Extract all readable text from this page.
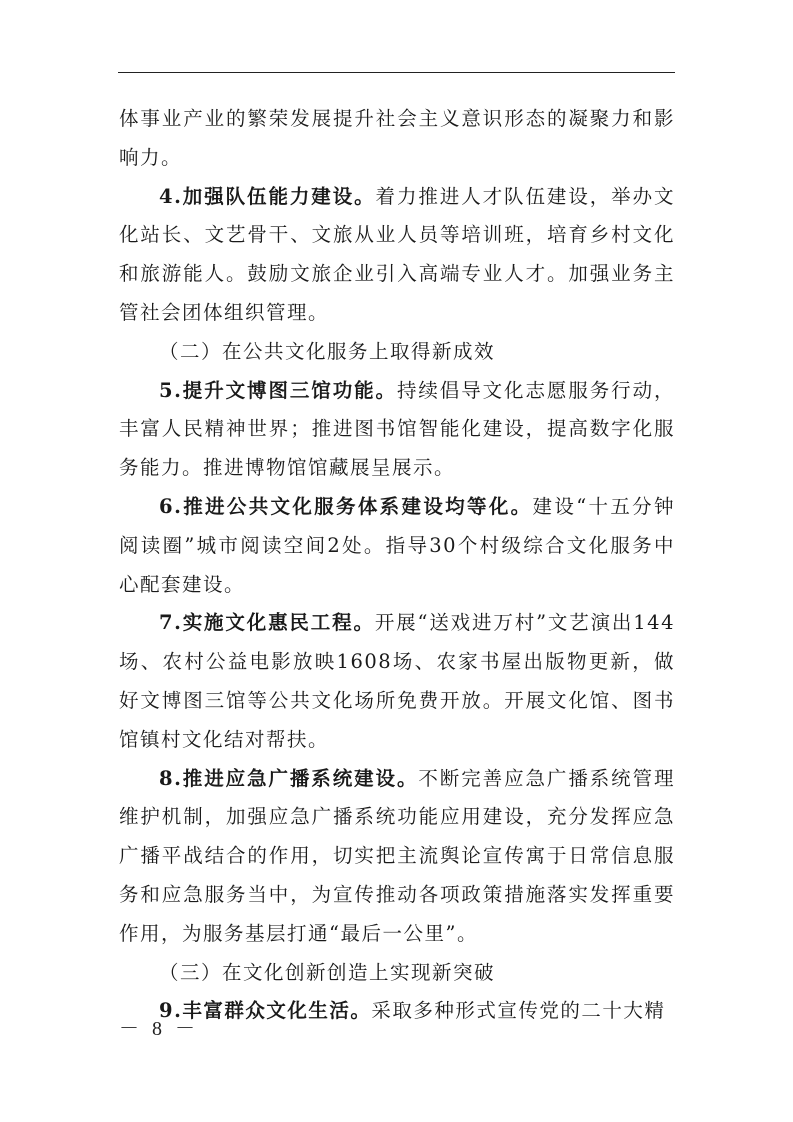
体事业产业的繁荣发展提升社会主义意识形态的凝聚力和影响力。

4.加强队伍能力建设。着力推进人才队伍建设，举办文化站长、文艺骨干、文旅从业人员等培训班，培育乡村文化和旅游能人。鼓励文旅企业引入高端专业人才。加强业务主管社会团体组织管理。

（二）在公共文化服务上取得新成效

5.提升文博图三馆功能。持续倡导文化志愿服务行动，丰富人民精神世界；推进图书馆智能化建设，提高数字化服务能力。推进博物馆馆藏展呈展示。

6.推进公共文化服务体系建设均等化。建设“十五分钟阅读圈”城市阅读空间2处。指导30个村级综合文化服务中心配套建设。

7.实施文化惠民工程。开展“送戏进万村”文艺演出144场、农村公益电影放映1608场、农家书屋出版物更新，做好文博图三馆等公共文化场所免费开放。开展文化馆、图书馆镇村文化结对帮扶。

8.推进应急广播系统建设。不断完善应急广播系统管理维护机制，加强应急广播系统功能应用建设，充分发挥应急广播平战结合的作用，切实把主流舆论宣传寓于日常信息服务和应急服务当中，为宣传推动各项政策措施落实发挥重要作用，为服务基层打通“最后一公里”。

（三）在文化创新创造上实现新突破

9.丰富群众文化生活。采取多种形式宣传党的二十大精

－ 8 －
